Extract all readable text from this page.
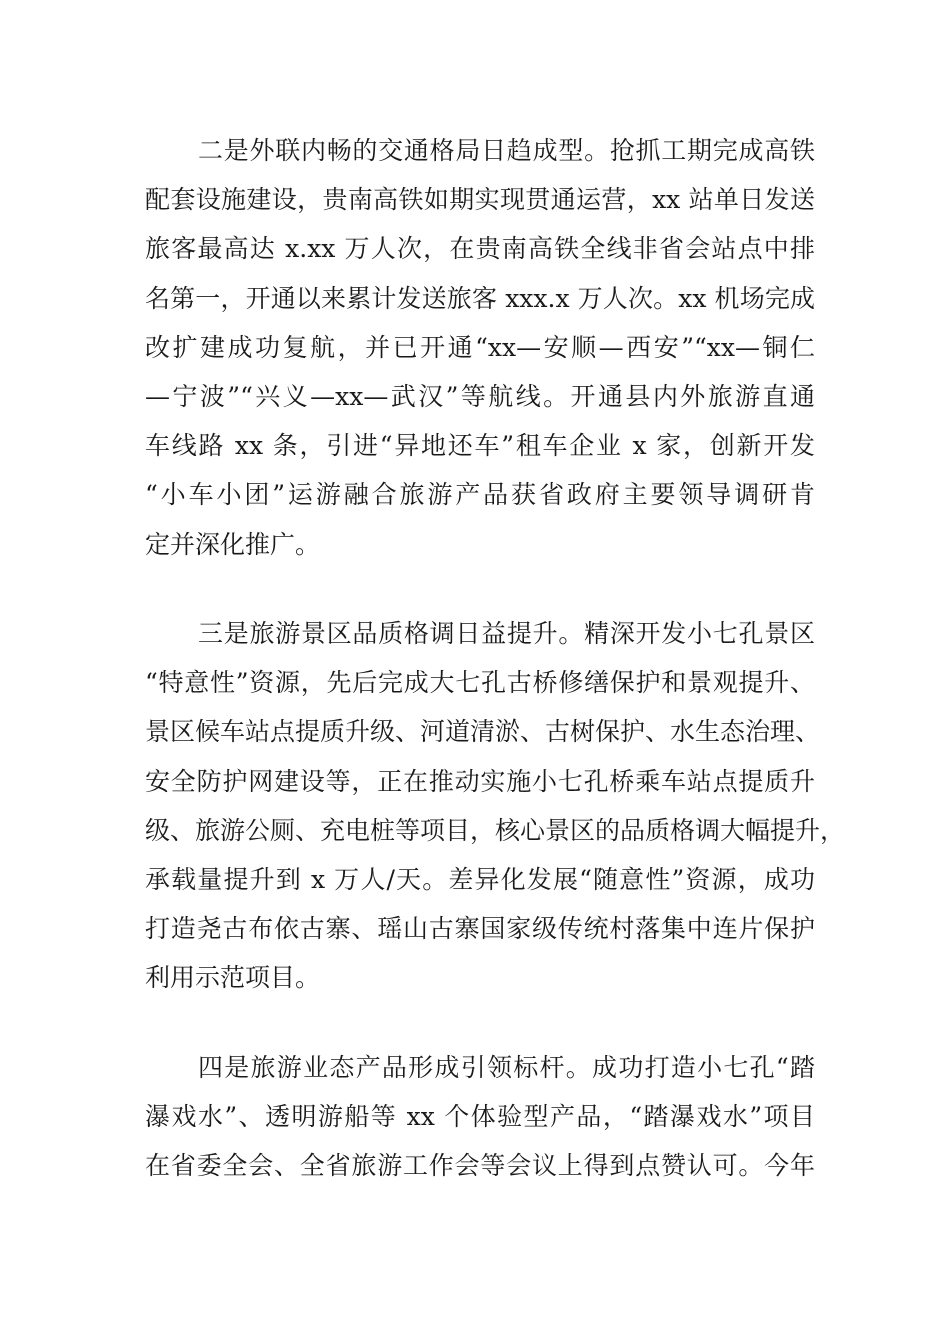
二是外联内畅的交通格局日趋成型。抢抓工期完成高铁
配套设施建设，贵南高铁如期实现贯通运营，xx 站单日发送
旅客最高达 x.xx 万人次，在贵南高铁全线非省会站点中排
名第一，开通以来累计发送旅客 xxx.x 万人次。xx 机场完成
改扩建成功复航，并已开通“xx—安顺—西安”“xx—铜仁
—宁波”“兴义—xx—武汉”等航线。开通县内外旅游直通
车线路 xx 条，引进“异地还车”租车企业 x 家，创新开发
“小车小团”运游融合旅游产品获省政府主要领导调研肯
定并深化推广。
三是旅游景区品质格调日益提升。精深开发小七孔景区
“特意性”资源，先后完成大七孔古桥修缮保护和景观提升、
景区候车站点提质升级、河道清淤、古树保护、水生态治理、
安全防护网建设等，正在推动实施小七孔桥乘车站点提质升
级、旅游公厕、充电桩等项目，核心景区的品质格调大幅提升，
承载量提升到 x 万人/天。差异化发展“随意性”资源，成功
打造尧古布依古寨、瑶山古寨国家级传统村落集中连片保护
利用示范项目。
四是旅游业态产品形成引领标杆。成功打造小七孔“踏
瀑戏水”、透明游船等 xx 个体验型产品，“踏瀑戏水”项目
在省委全会、全省旅游工作会等会议上得到点赞认可。今年
